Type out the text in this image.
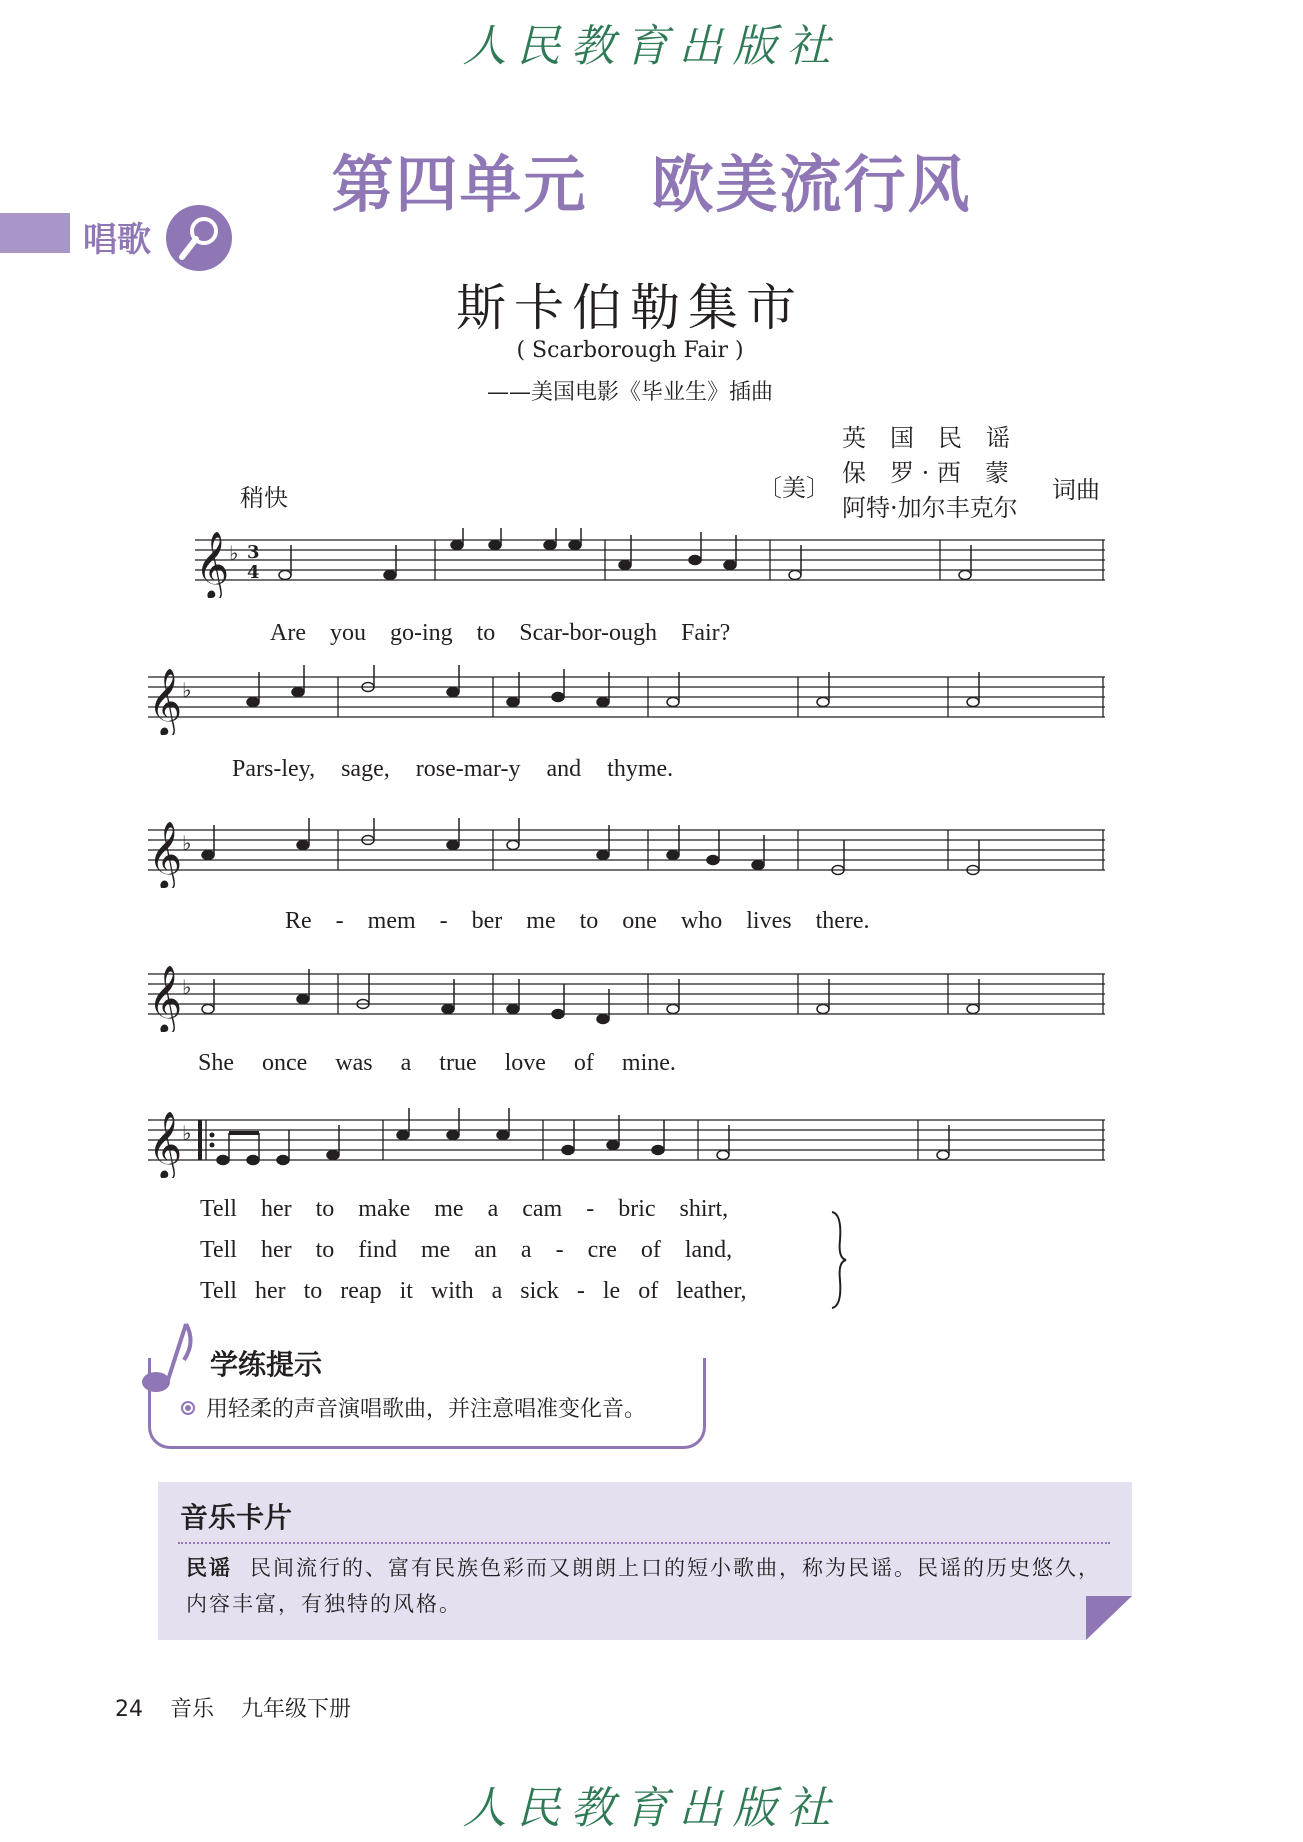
人民教育出版社
第四单元　欧美流行风
唱歌
斯卡伯勒集市
( Scarborough Fair )
——美国电影《毕业生》插曲
英　国　民　谣
〔美〕
保　罗 · 西　蒙
阿特·加尔丰克尔
词曲
稍快
𝄞 ♭ 3
4
Are you go-ing to Scar-bor-ough Fair?
𝄞 ♭
Pars-ley, sage, rose-mar-y and thyme.
𝄞 ♭
Re - mem - ber me to one who lives there.
𝄞 ♭
She once was a true love of mine.
𝄞 ♭
Tell her to make me a cam - bric shirt,
Tell her to find me an a - cre of land,
Tell her to reap it with a sick - le of leather,
学练提示
用轻柔的声音演唱歌曲，并注意唱准变化音。
音乐卡片
民谣 民间流行的、富有民族色彩而又朗朗上口的短小歌曲，称为民谣。民谣的历史悠久，内容丰富，有独特的风格。
24 音乐 九年级下册
人民教育出版社
